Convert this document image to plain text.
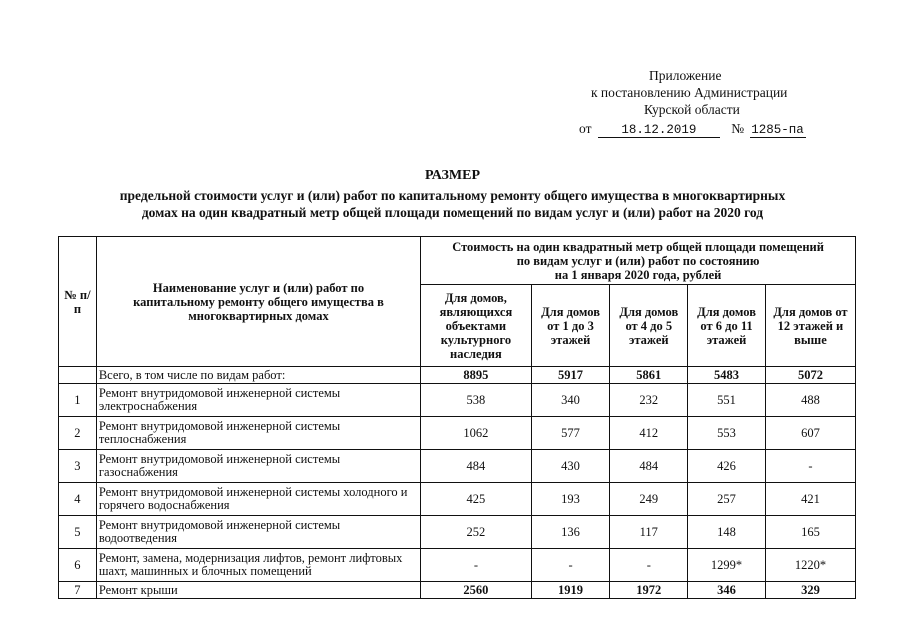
Приложение
к постановлению Администрации
Курской области
от 18.12.2019	№ 1285-па
РАЗМЕР
предельной стоимости услуг и (или) работ по капитальному ремонту общего имущества в многоквартирных
домах на один квадратный метр общей площади помещений по видам услуг и (или) работ на 2020 год
№ п/п	Наименование услуг и (или) работ по капитальному ремонту общего имущества в многоквартирных домах	Стоимость на один квадратный метр общей площади помещений
по видам услуг и (или) работ по состоянию
на 1 января 2020 года, рублей				

		Для домов, являющихся объектами культурного наследия	Для домов от 1 до 3 этажей	Для домов от 4 до 5 этажей	Для домов от 6 до 11 этажей	Для домов от 12 этажей и выше
	Всего, в том числе по видам работ:	8895	5917	5861	5483	5072
1	Ремонт внутридомовой инженерной системы электроснабжения	538	340	232	551	488
2	Ремонт внутридомовой инженерной системы теплоснабжения	1062	577	412	553	607
3	Ремонт внутридомовой инженерной системы газоснабжения	484	430	484	426	-
4	Ремонт внутридомовой инженерной системы холодного и горячего водоснабжения	425	193	249	257	421
5	Ремонт внутридомовой инженерной системы водоотведения	252	136	117	148	165
6	Ремонт, замена, модернизация лифтов, ремонт лифтовых шахт, машинных и блочных помещений	-	-	-	1299*	1220*
7	Ремонт крыши	2560	1919	1972	346	329
